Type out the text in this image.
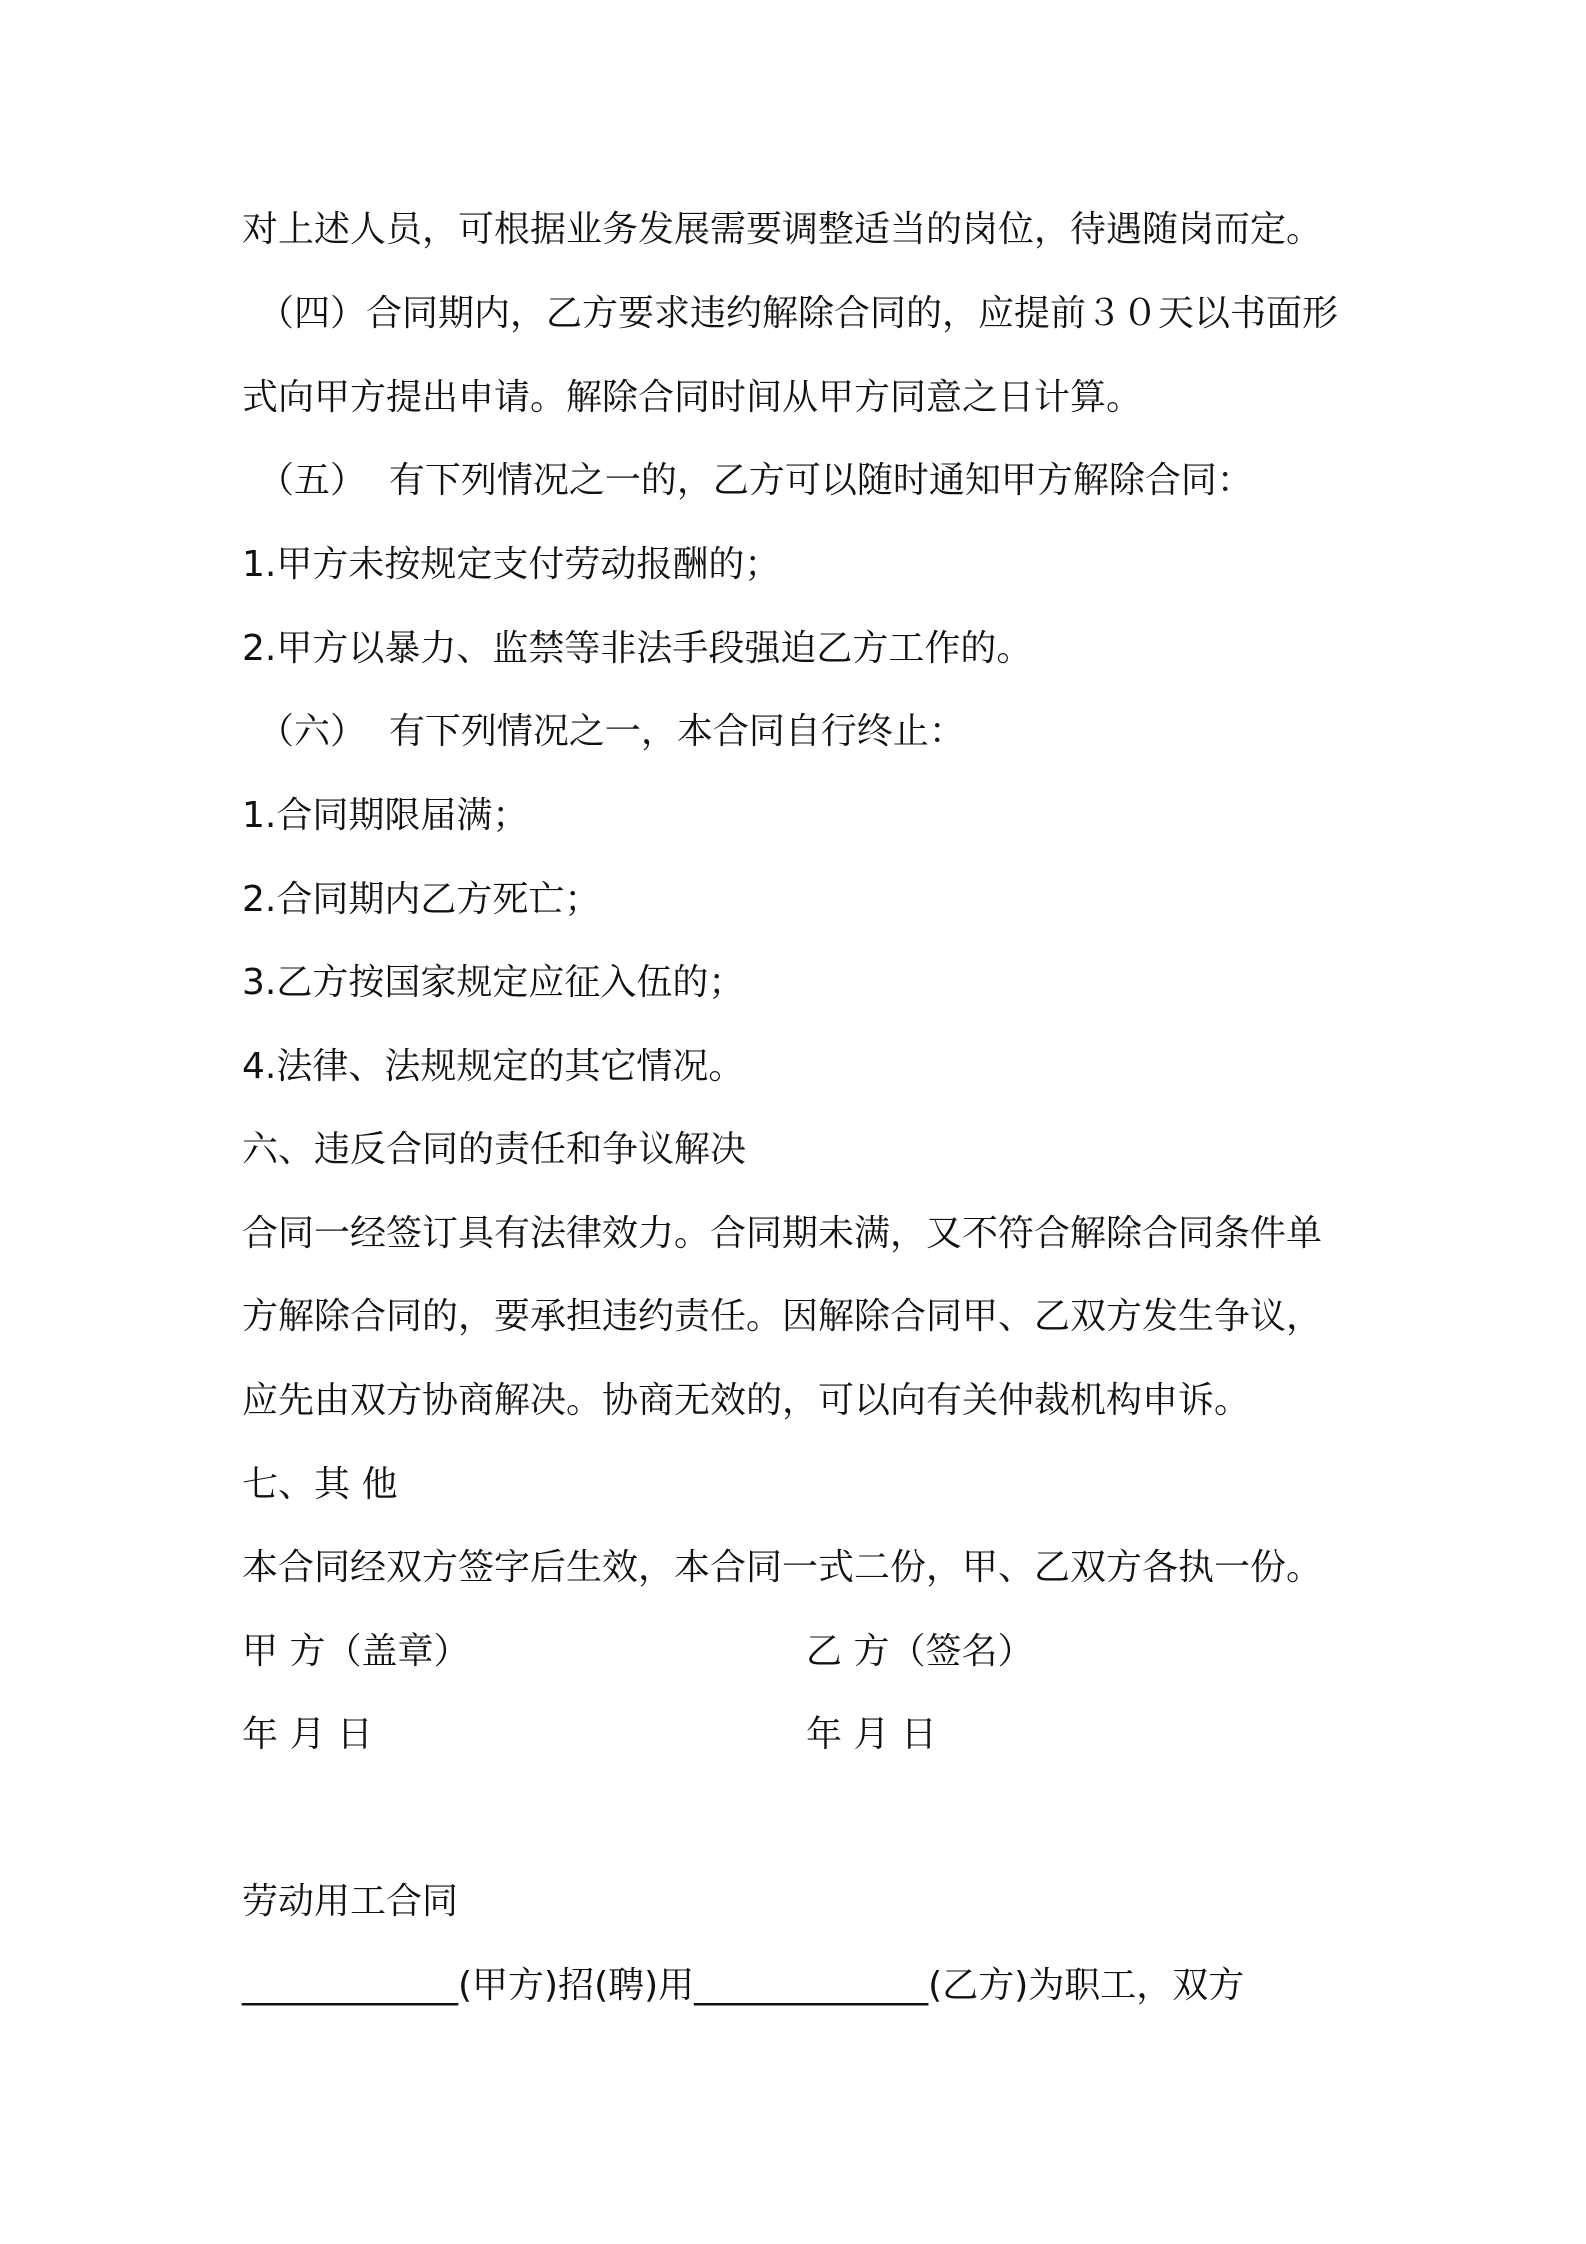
对上述人员，可根据业务发展需要调整适当的岗位，待遇随岗而定。
（四）合同期内，乙方要求违约解除合同的，应提前３０天以书面形
式向甲方提出申请。解除合同时间从甲方同意之日计算。
（五）  有下列情况之一的，乙方可以随时通知甲方解除合同：
1.甲方未按规定支付劳动报酬的；
2.甲方以暴力、监禁等非法手段强迫乙方工作的。
（六）  有下列情况之一，本合同自行终止：
1.合同期限届满；
2.合同期内乙方死亡；
3.乙方按国家规定应征入伍的；
4.法律、法规规定的其它情况。
六、违反合同的责任和争议解决
合同一经签订具有法律效力。合同期未满，又不符合解除合同条件单
方解除合同的，要承担违约责任。因解除合同甲、乙双方发生争议，
应先由双方协商解决。协商无效的，可以向有关仲裁机构申诉。
七、其 他
本合同经双方签字后生效，本合同一式二份，甲、乙双方各执一份。
甲 方（盖章）	乙 方（签名）
年 月 日	年 月 日
劳动用工合同
____________(甲方)招(聘)用_____________(乙方)为职工，双方
